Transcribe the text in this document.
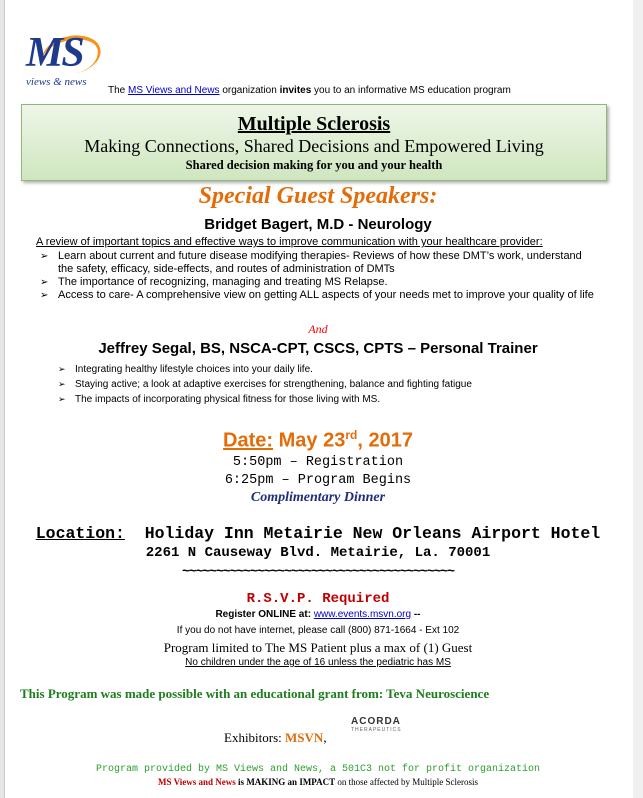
MS
views & news
The MS Views and News organization invites you to an informative MS education program
Multiple Sclerosis
Making Connections, Shared Decisions and Empowered Living
Shared decision making for you and your health
Special Guest Speakers:
Bridget Bagert, M.D - Neurology
A review of important topics and effective ways to improve communication with your healthcare provider:
➢ Learn about current and future disease modifying therapies- Reviews of how these DMT’s work, understand the safety, efficacy, side-effects, and routes of administration of DMTs
➢ The importance of recognizing, managing and treating MS Relapse.
➢ Access to care- A comprehensive view on getting ALL aspects of your needs met to improve your quality of life
And
Jeffrey Segal, BS, NSCA-CPT, CSCS, CPTS – Personal Trainer
➢ Integrating healthy lifestyle choices into your daily life.
➢ Staying active; a look at adaptive exercises for strengthening, balance and fighting fatigue
➢ The impacts of incorporating physical fitness for those living with MS.
Date: May 23rd, 2017
5:50pm – Registration
6:25pm – Program Begins
Complimentary Dinner
Location: Holiday Inn Metairie New Orleans Airport Hotel
2261 N Causeway Blvd. Metairie, La. 70001
~~~~~~~~~~~~~~~~~~~~~~~~~~~~~~~~~~~~~~~~
R.S.V.P. Required
Register ONLINE at: www.events.msvn.org --
If you do not have internet, please call (800) 871-1664 - Ext 102
Program limited to The MS Patient plus a max of (1) Guest
No children under the age of 16 unless the pediatric has MS
This Program was made possible with an educational grant from: Teva Neuroscience
ACORDA
THERAPEUTICS
Exhibitors: MSVN,
Program provided by MS Views and News, a 501C3 not for profit organization
MS Views and News is MAKING an IMPACT on those affected by Multiple Sclerosis
